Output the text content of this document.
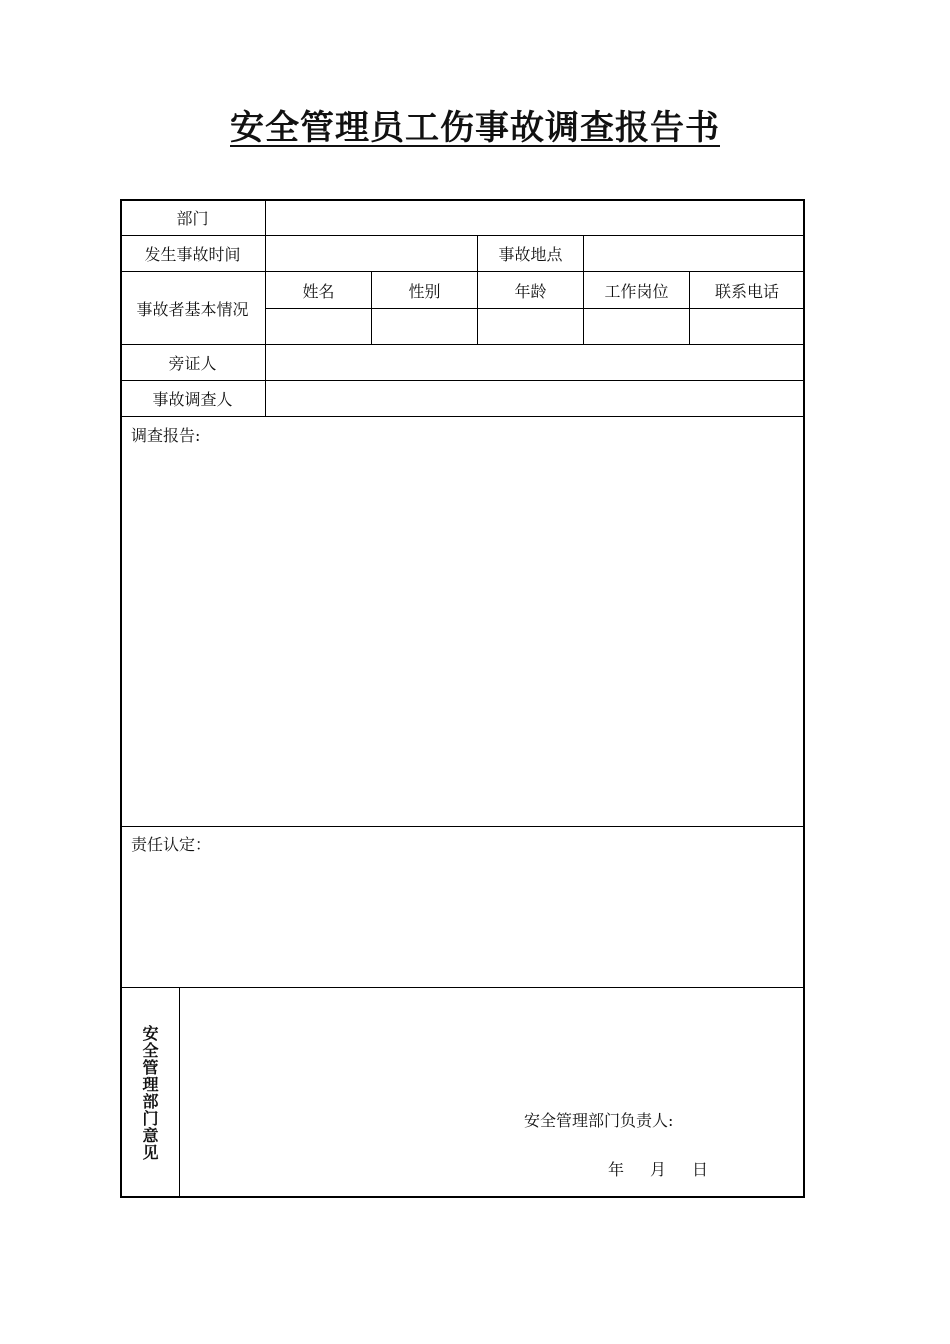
安全管理员工伤事故调查报告书
部门
发生事故时间	事故地点
事故者基本情况
姓名	性别	年龄	工作岗位	联系电话
旁证人
事故调查人
调查报告:
责任认定：
安全管理部门意见	安全管理部门负责人:
年 月 日
